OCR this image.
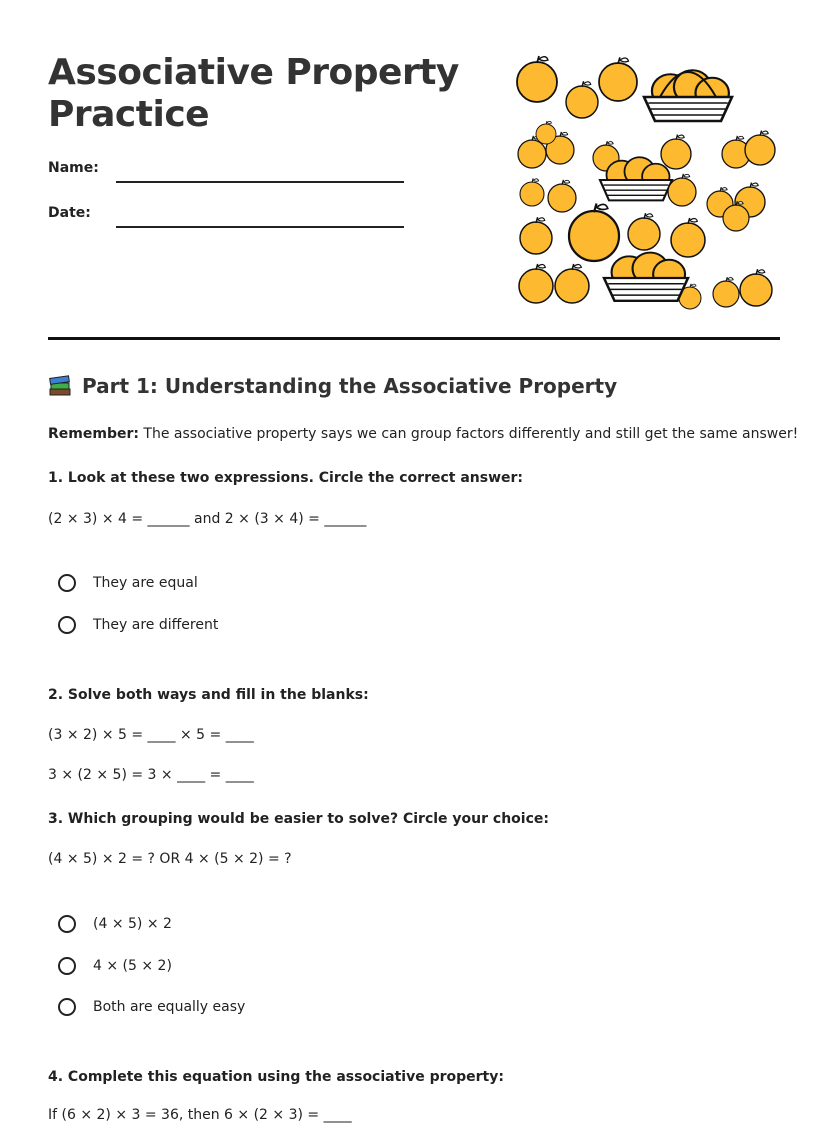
Associative Property Practice
Name:
Date:
Part 1: Understanding the Associative Property
Remember: The associative property says we can group factors differently and still get the same answer!
1. Look at these two expressions. Circle the correct answer:
(2 × 3) × 4 = ______ and 2 × (3 × 4) = ______
They are equal
They are different
2. Solve both ways and fill in the blanks:
(3 × 2) × 5 = ____ × 5 = ____
3 × (2 × 5) = 3 × ____ = ____
3. Which grouping would be easier to solve? Circle your choice:
(4 × 5) × 2 = ? OR 4 × (5 × 2) = ?
(4 × 5) × 2
4 × (5 × 2)
Both are equally easy
4. Complete this equation using the associative property:
If (6 × 2) × 3 = 36, then 6 × (2 × 3) = ____
